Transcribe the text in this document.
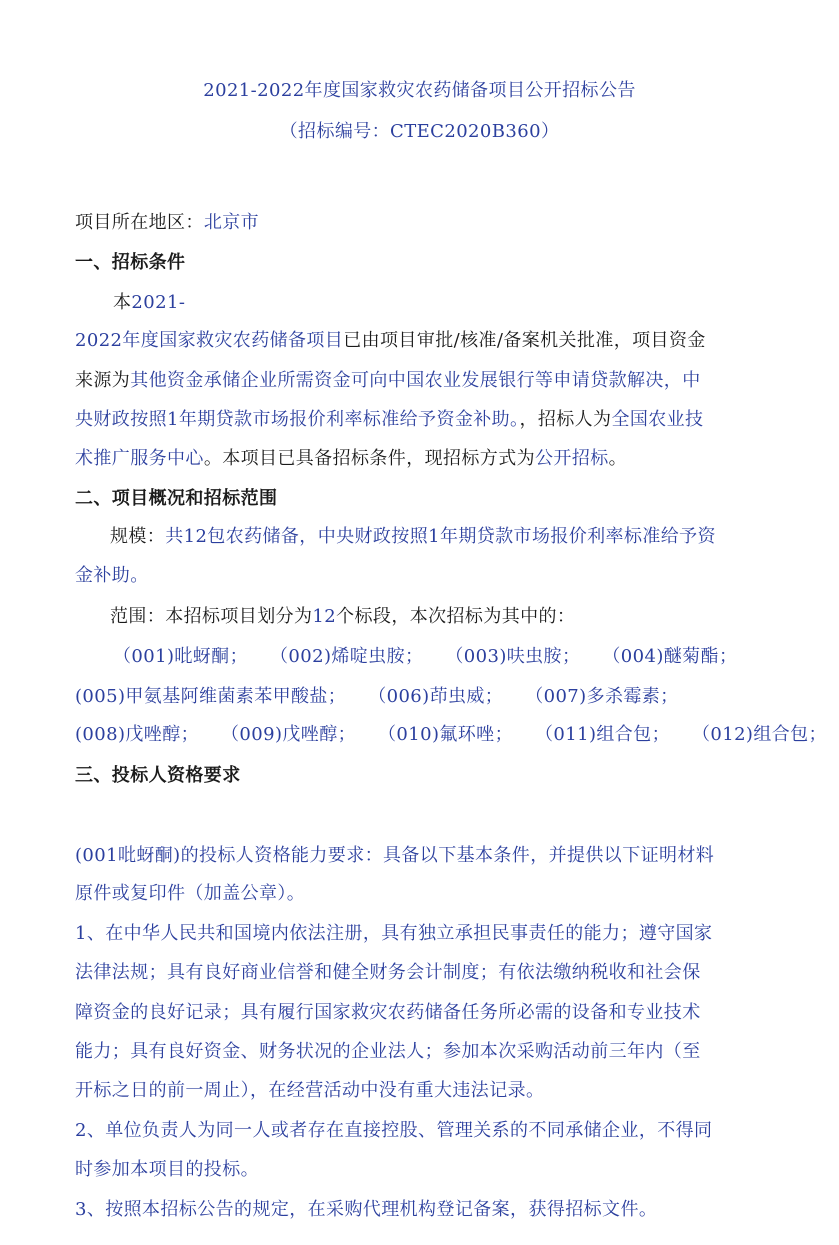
2021-2022年度国家救灾农药储备项目公开招标公告
（招标编号：CTEC2020B360）
项目所在地区：北京市
一、招标条件
本2021-
2022年度国家救灾农药储备项目已由项目审批/核准/备案机关批准，项目资金
来源为其他资金承储企业所需资金可向中国农业发展银行等申请贷款解决，中
央财政按照1年期贷款市场报价利率标准给予资金补助。，招标人为全国农业技
术推广服务中心。本项目已具备招标条件，现招标方式为公开招标。
二、项目概况和招标范围
规模：共12包农药储备，中央财政按照1年期贷款市场报价利率标准给予资
金补助。
范围：本招标项目划分为12个标段，本次招标为其中的：
（001)吡蚜酮； （002)烯啶虫胺； （003)呋虫胺； （004)醚菊酯；
(005)甲氨基阿维菌素苯甲酸盐； （006)茚虫威； （007)多杀霉素；
(008)戊唑醇； （009)戊唑醇； （010)氟环唑； （011)组合包； （012)组合包；
三、投标人资格要求
(001吡蚜酮)的投标人资格能力要求：具备以下基本条件，并提供以下证明材料
原件或复印件（加盖公章）。
1、在中华人民共和国境内依法注册，具有独立承担民事责任的能力；遵守国家
法律法规；具有良好商业信誉和健全财务会计制度；有依法缴纳税收和社会保
障资金的良好记录；具有履行国家救灾农药储备任务所必需的设备和专业技术
能力；具有良好资金、财务状况的企业法人；参加本次采购活动前三年内（至
开标之日的前一周止），在经营活动中没有重大违法记录。
2、单位负责人为同一人或者存在直接控股、管理关系的不同承储企业，不得同
时参加本项目的投标。
3、按照本招标公告的规定，在采购代理机构登记备案，获得招标文件。
